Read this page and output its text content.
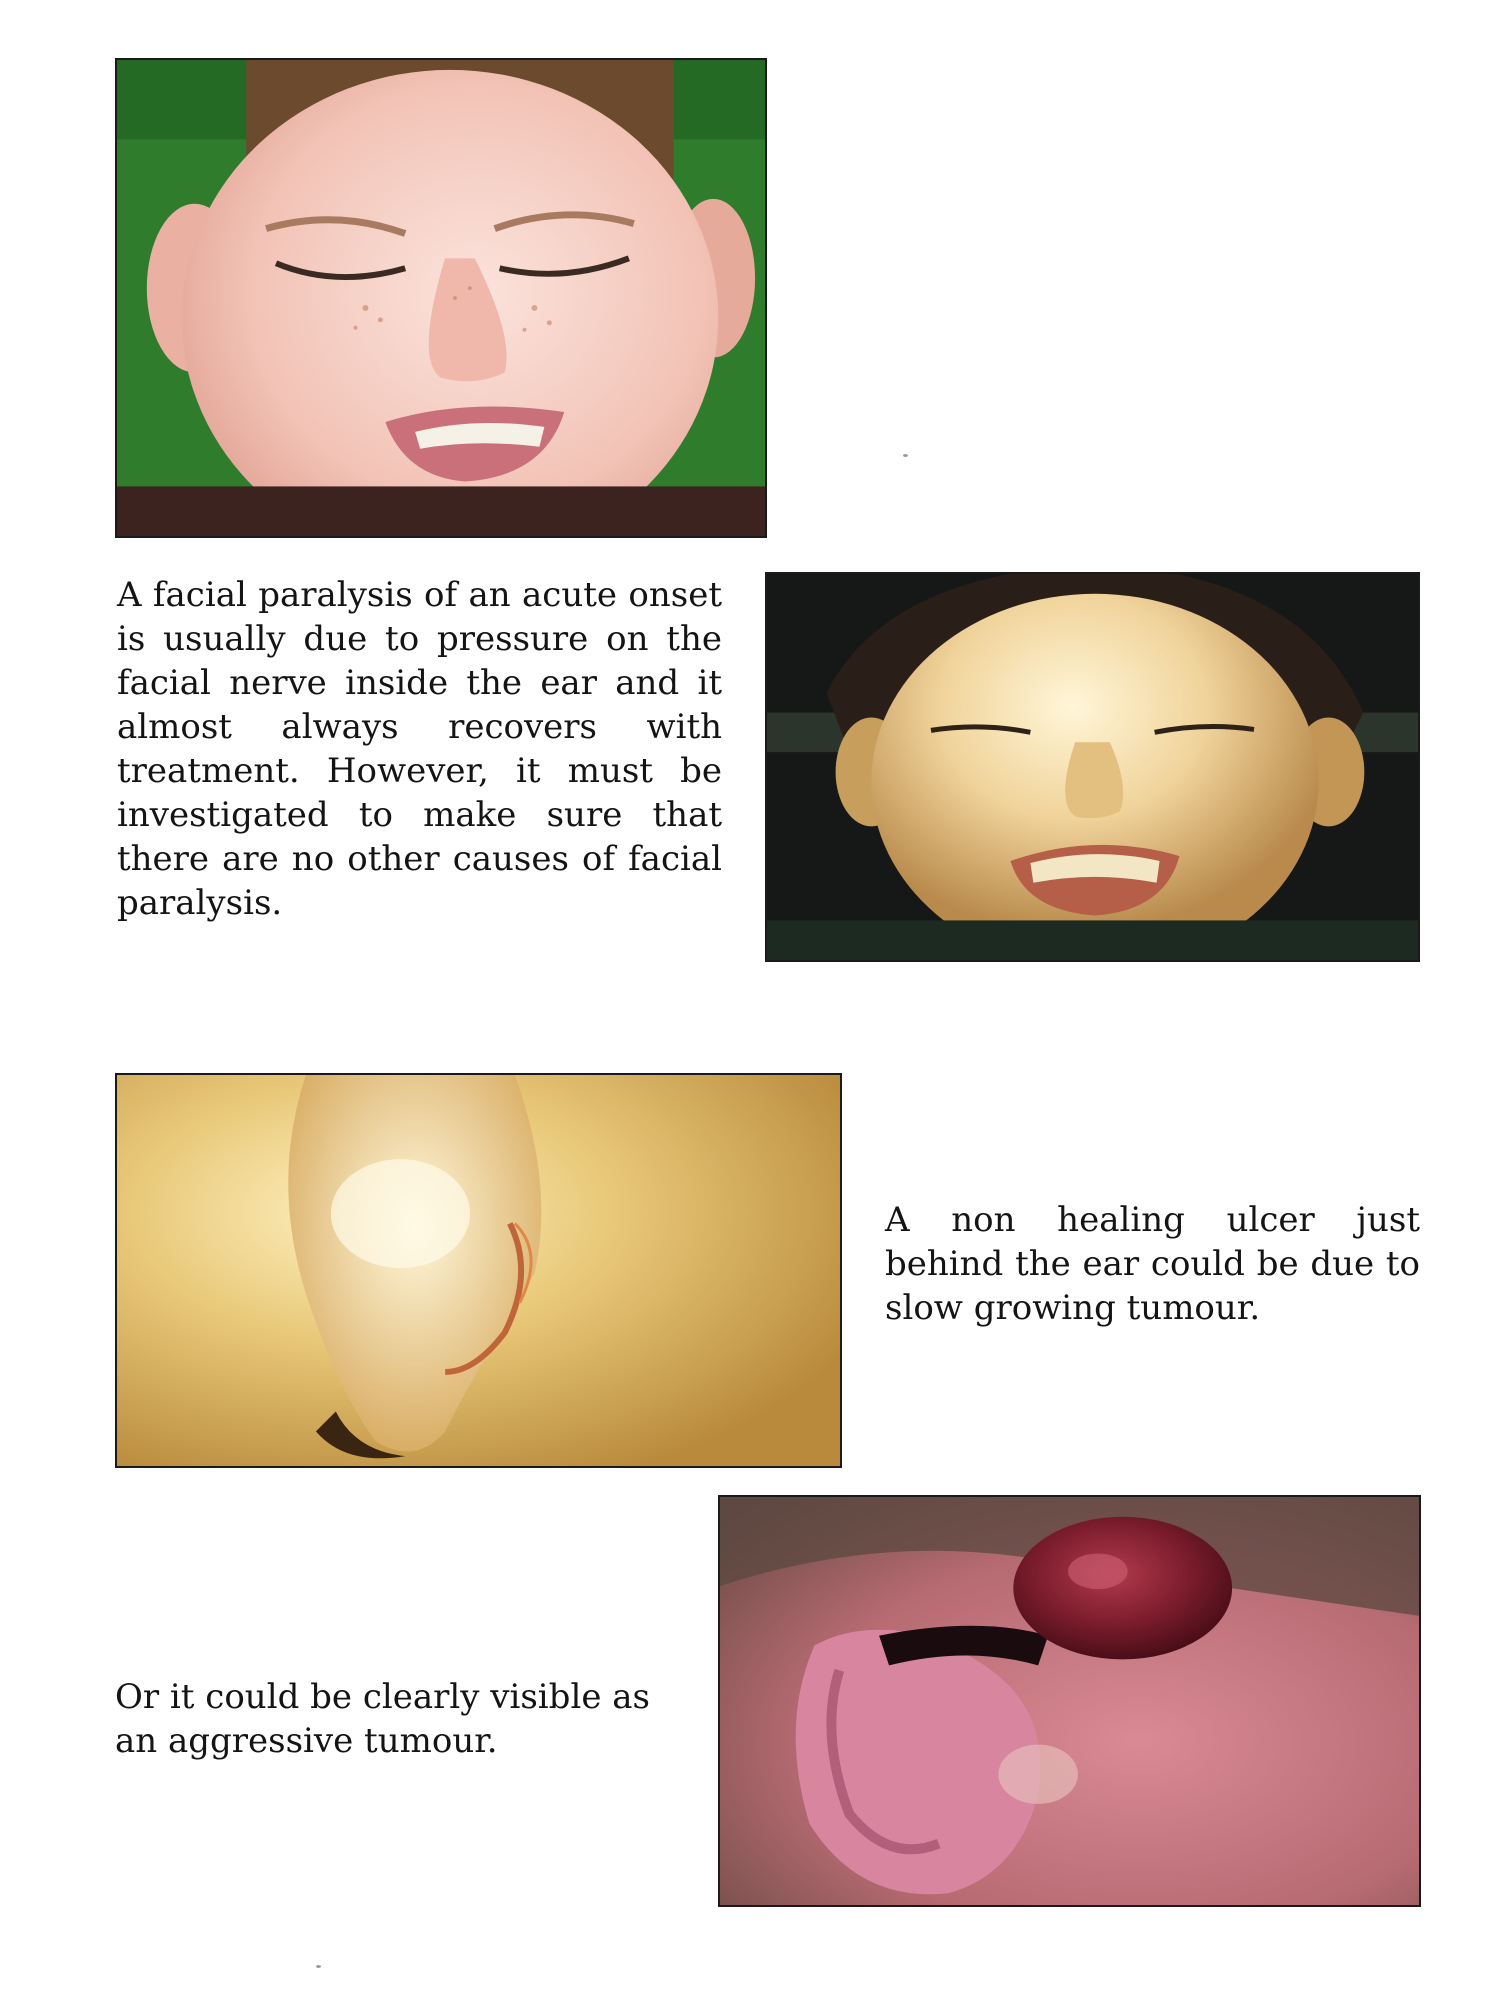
A facial paralysis of an acute onset is usually due to pressure on the facial nerve inside the ear and it almost always recovers with treatment. However, it must be investigated to make sure that there are no other causes of facial paralysis.

A non healing ulcer just behind the ear could be due to slow growing tumour.

Or it could be clearly visible as an aggressive tumour.
